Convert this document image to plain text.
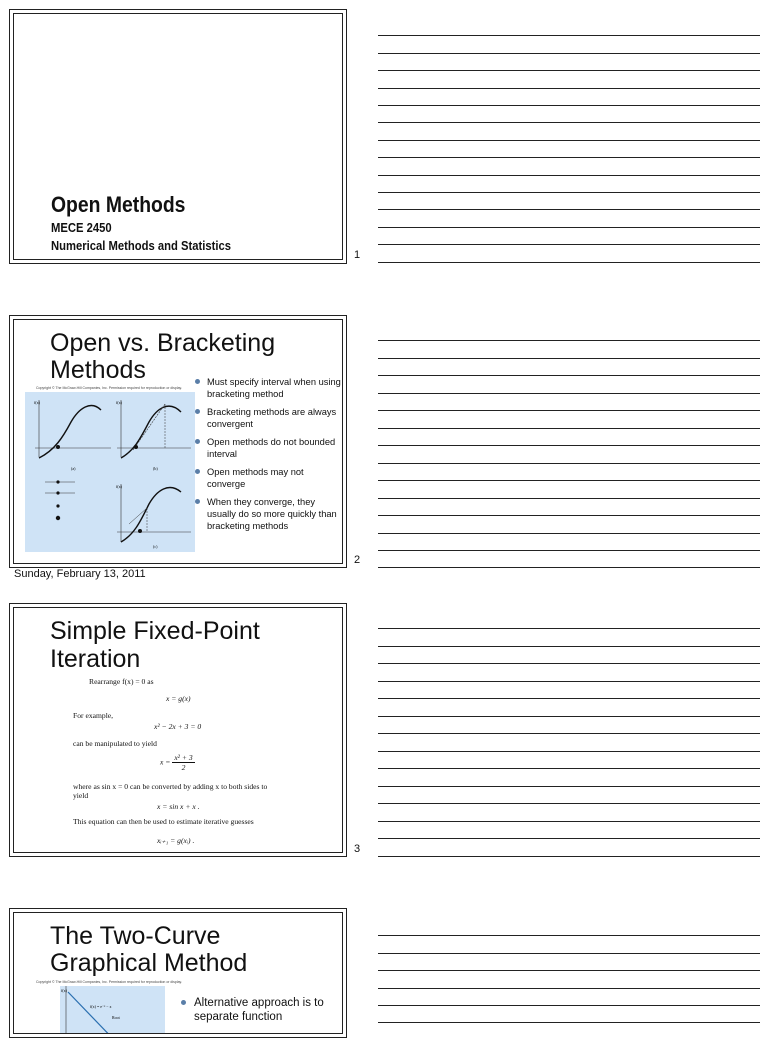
Open Methods
MECE 2450
Numerical Methods and Statistics
1
Open vs. Bracketing
Methods
Copyright © The McGraw-Hill Companies, Inc. Permission required for reproduction or display.
f(x)
(a)
f(x)
(b)
f(x)
(c)
Must specify interval when using bracketing method
Bracketing methods are always convergent
Open methods do not bounded interval
Open methods may not converge
When they converge, they usually do so more quickly than bracketing methods
2
Sunday, February 13, 2011
Simple Fixed-Point
Iteration
Rearrange f(x) = 0 as
x = g(x)
For example,
x² − 2x + 3 = 0
can be manipulated to yield
$x = \frac{\text{x² + 3}}{2}$
where as sin x = 0 can be converted by adding x to both sides to
yield
x = sin x + x .
This equation can then be used to estimate iterative guesses
xᵢ₊₁ = g(xᵢ) .
3
The Two-Curve
Graphical Method
Copyright © The McGraw-Hill Companies, Inc. Permission required for reproduction or display.
f(x)
f(x) = e⁻ˣ − x
Root
Alternative approach is to separate function
